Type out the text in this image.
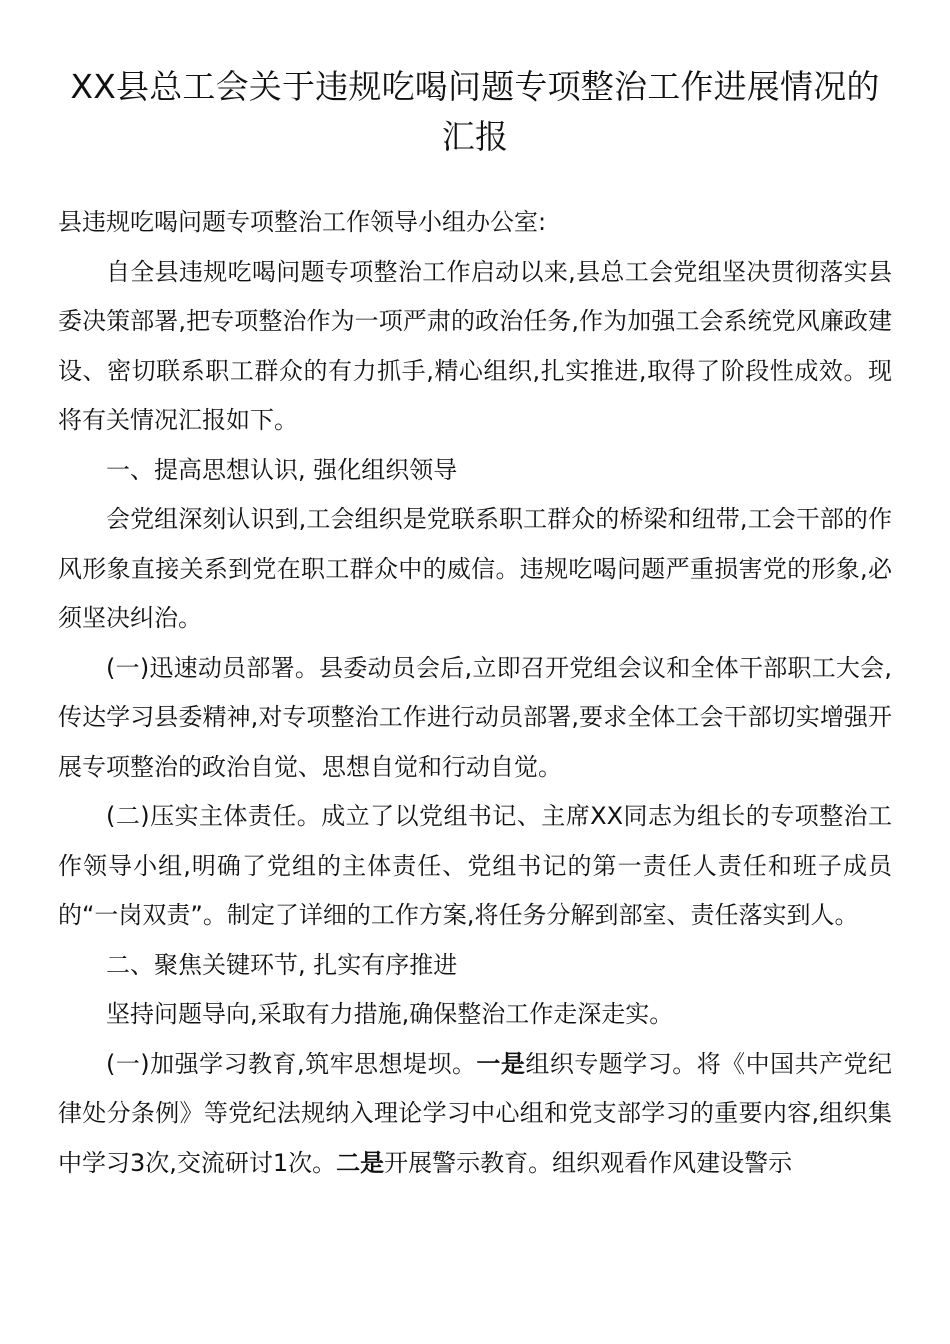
XX县总工会关于违规吃喝问题专项整治工作进展情况的汇报

县违规吃喝问题专项整治工作领导小组办公室:

自全县违规吃喝问题专项整治工作启动以来,县总工会党组坚决贯彻落实县委决策部署,把专项整治作为一项严肃的政治任务,作为加强工会系统党风廉政建设、密切联系职工群众的有力抓手,精心组织,扎实推进,取得了阶段性成效。现将有关情况汇报如下。

一、提高思想认识, 强化组织领导

会党组深刻认识到,工会组织是党联系职工群众的桥梁和纽带,工会干部的作风形象直接关系到党在职工群众中的威信。违规吃喝问题严重损害党的形象,必须坚决纠治。

(一)迅速动员部署。县委动员会后,立即召开党组会议和全体干部职工大会,传达学习县委精神,对专项整治工作进行动员部署,要求全体工会干部切实增强开展专项整治的政治自觉、思想自觉和行动自觉。

(二)压实主体责任。成立了以党组书记、主席XX同志为组长的专项整治工作领导小组,明确了党组的主体责任、党组书记的第一责任人责任和班子成员的“一岗双责”。制定了详细的工作方案,将任务分解到部室、责任落实到人。

二、聚焦关键环节, 扎实有序推进

坚持问题导向,采取有力措施,确保整治工作走深走实。

(一)加强学习教育,筑牢思想堤坝。一是组织专题学习。将《中国共产党纪律处分条例》等党纪法规纳入理论学习中心组和党支部学习的重要内容,组织集中学习3次,交流研讨1次。二是开展警示教育。组织观看作风建设警示
